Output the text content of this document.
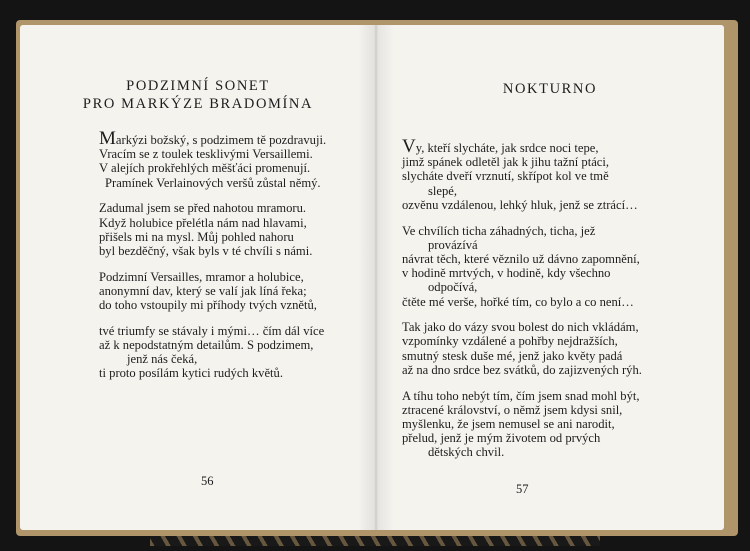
PODZIMNÍ SONET
PRO MARKÝZE BRADOMÍNA
Markýzi božský, s podzimem tě pozdravuji.
Vracím se z toulek tesklivými Versaillemi.
V alejích prokřehlých měšťáci promenují.
Pramínek Verlainových veršů zůstal němý.
Zadumal jsem se před nahotou mramoru.
Když holubice přelétla nám nad hlavami,
přišels mi na mysl. Můj pohled nahoru
byl bezděčný, však byls v té chvíli s námi.
Podzimní Versailles, mramor a holubice,
anonymní dav, který se valí jak líná řeka;
do toho vstoupily mi příhody tvých vznětů,
tvé triumfy se stávaly i mými… čím dál více
až k nepodstatným detailům. S podzimem,
jenž nás čeká,
ti proto posílám kytici rudých květů.
56
NOKTURNO
Vy, kteří slycháte, jak srdce noci tepe,
jimž spánek odletěl jak k jihu tažní ptáci,
slycháte dveří vrznutí, skřípot kol ve tmě
slepé,
ozvěnu vzdálenou, lehký hluk, jenž se ztrácí…
Ve chvílích ticha záhadných, ticha, jež
provázívá
návrat těch, které věznilo už dávno zapomnění,
v hodině mrtvých, v hodině, kdy všechno
odpočívá,
čtěte mé verše, hořké tím, co bylo a co není…
Tak jako do vázy svou bolest do nich vkládám,
vzpomínky vzdálené a pohřby nejdražších,
smutný stesk duše mé, jenž jako květy padá
až na dno srdce bez svátků, do zajizvených rýh.
A tíhu toho nebýt tím, čím jsem snad mohl být,
ztracené království, o němž jsem kdysi snil,
myšlenku, že jsem nemusel se ani narodit,
přelud, jenž je mým životem od prvých
dětských chvil.
57
